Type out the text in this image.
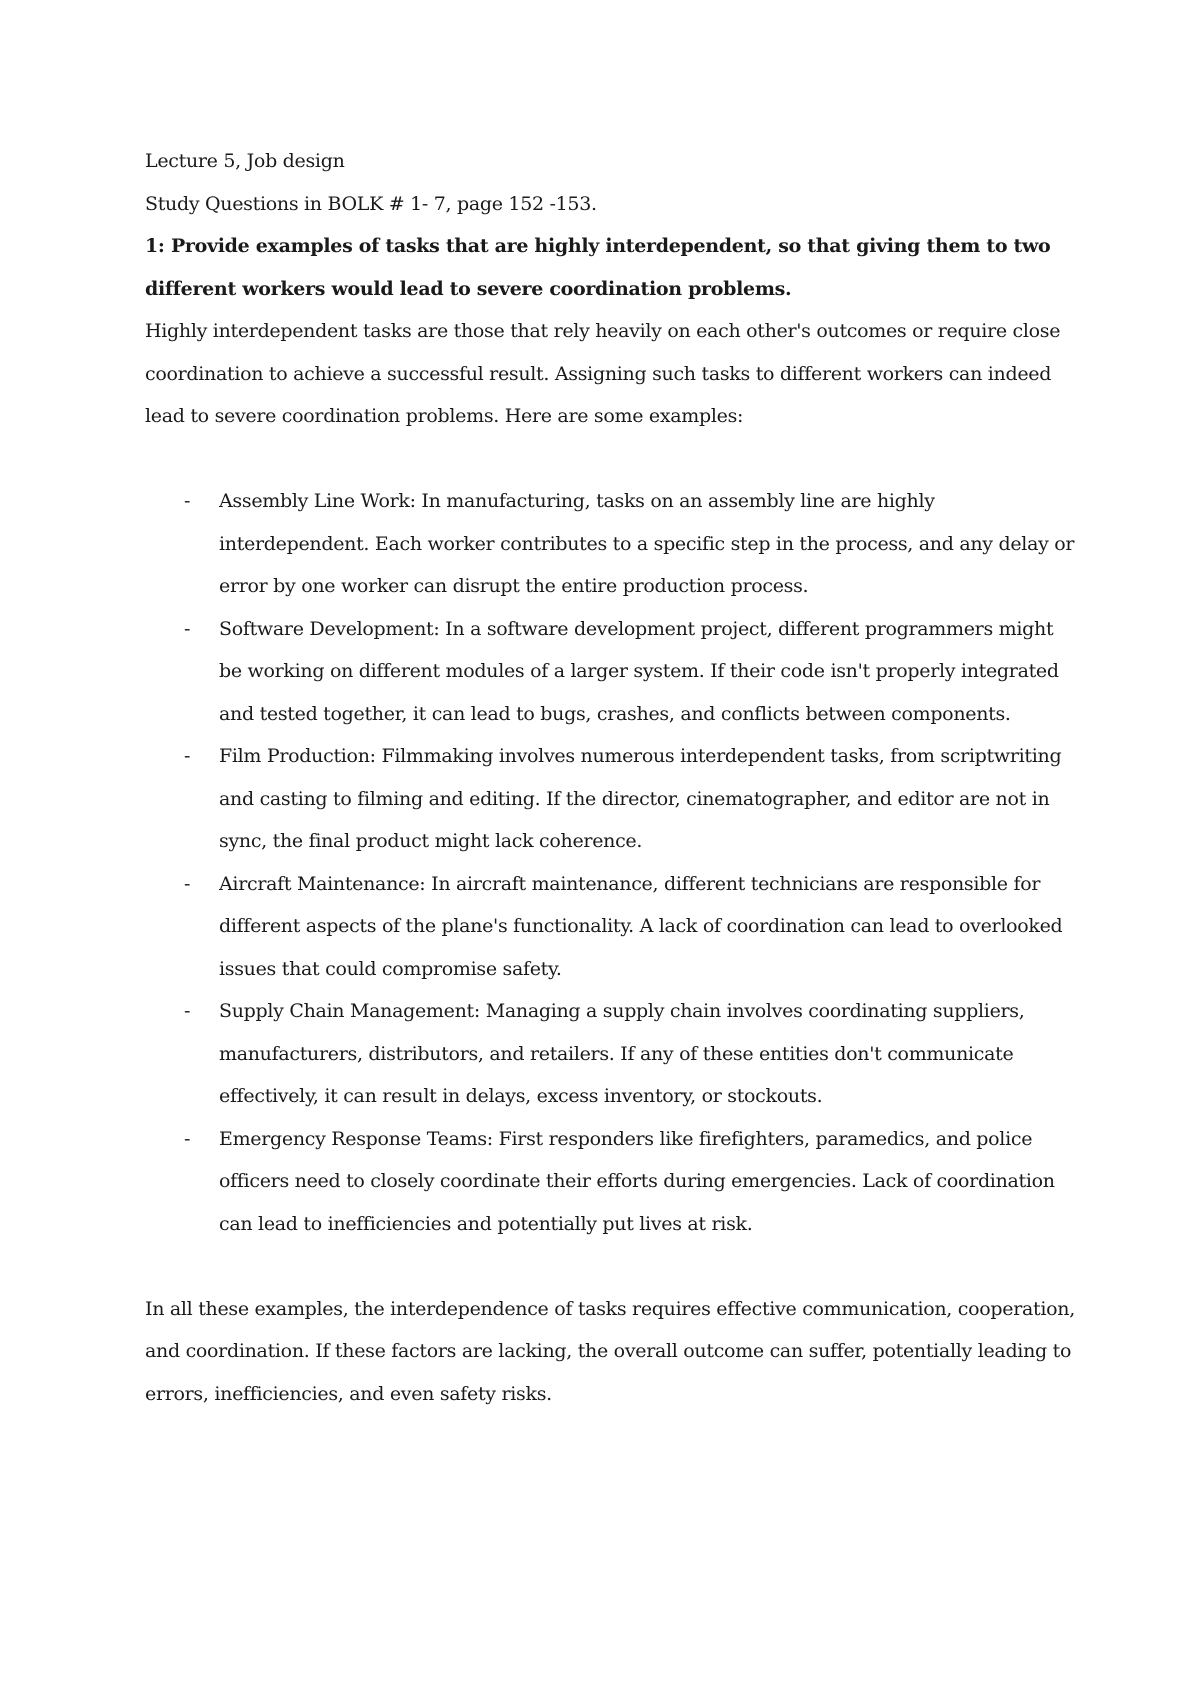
Lecture 5, Job design

Study Questions in BOLK # 1- 7, page 152 -153.

1: Provide examples of tasks that are highly interdependent, so that giving them to two different workers would lead to severe coordination problems.

Highly interdependent tasks are those that rely heavily on each other's outcomes or require close coordination to achieve a successful result. Assigning such tasks to different workers can indeed lead to severe coordination problems. Here are some examples:

- Assembly Line Work: In manufacturing, tasks on an assembly line are highly interdependent. Each worker contributes to a specific step in the process, and any delay or error by one worker can disrupt the entire production process.
- Software Development: In a software development project, different programmers might be working on different modules of a larger system. If their code isn't properly integrated and tested together, it can lead to bugs, crashes, and conflicts between components.
- Film Production: Filmmaking involves numerous interdependent tasks, from scriptwriting and casting to filming and editing. If the director, cinematographer, and editor are not in sync, the final product might lack coherence.
- Aircraft Maintenance: In aircraft maintenance, different technicians are responsible for different aspects of the plane's functionality. A lack of coordination can lead to overlooked issues that could compromise safety.
- Supply Chain Management: Managing a supply chain involves coordinating suppliers, manufacturers, distributors, and retailers. If any of these entities don't communicate effectively, it can result in delays, excess inventory, or stockouts.
- Emergency Response Teams: First responders like firefighters, paramedics, and police officers need to closely coordinate their efforts during emergencies. Lack of coordination can lead to inefficiencies and potentially put lives at risk.

In all these examples, the interdependence of tasks requires effective communication, cooperation, and coordination. If these factors are lacking, the overall outcome can suffer, potentially leading to errors, inefficiencies, and even safety risks.
